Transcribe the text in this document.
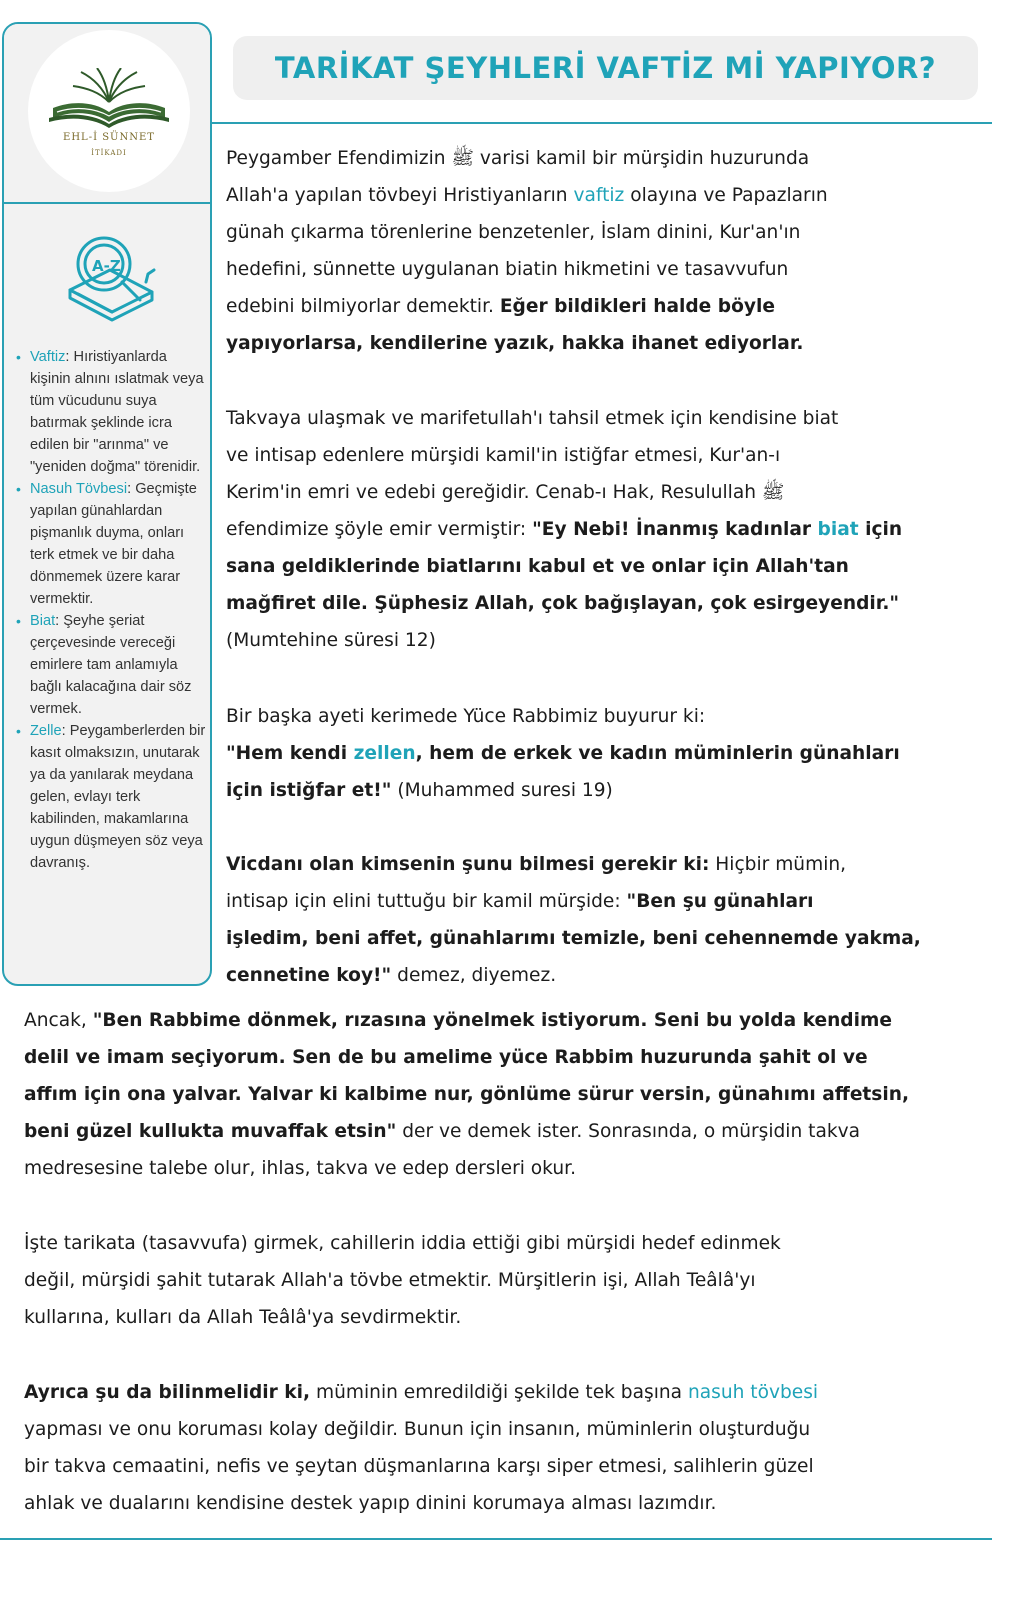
EHL-İ SÜNNET
İTİKADI
A-Z
• Vaftiz: Hıristiyanlarda kişinin alnını ıslatmak veya tüm vücudunu suya batırmak şeklinde icra edilen bir "arınma" ve "yeniden doğma" törenidir.
• Nasuh Tövbesi: Geçmişte yapılan günahlardan pişmanlık duyma, onları terk etmek ve bir daha dönmemek üzere karar vermektir.
• Biat: Şeyhe şeriat çerçevesinde vereceği emirlere tam anlamıyla bağlı kalacağına dair söz vermek.
• Zelle: Peygamberlerden bir kasıt olmaksızın, unutarak ya da yanılarak meydana gelen, evlayı terk kabilinden, makamlarına uygun düşmeyen söz veya davranış.
TARİKAT ŞEYHLERİ VAFTİZ Mİ YAPIYOR?
Peygamber Efendimizin ﷺ varisi kamil bir mürşidin huzurunda
Allah'a yapılan tövbeyi Hristiyanların vaftiz olayına ve Papazların
günah çıkarma törenlerine benzetenler, İslam dinini, Kur'an'ın
hedefini, sünnette uygulanan biatin hikmetini ve tasavvufun
edebini bilmiyorlar demektir. Eğer bildikleri halde böyle
yapıyorlarsa, kendilerine yazık, hakka ihanet ediyorlar.
Takvaya ulaşmak ve marifetullah'ı tahsil etmek için kendisine biat
ve intisap edenlere mürşidi kamil'in istiğfar etmesi, Kur'an-ı
Kerim'in emri ve edebi gereğidir. Cenab-ı Hak, Resulullah ﷺ
efendimize şöyle emir vermiştir: "Ey Nebi! İnanmış kadınlar biat için
sana geldiklerinde biatlarını kabul et ve onlar için Allah'tan
mağfiret dile. Şüphesiz Allah, çok bağışlayan, çok esirgeyendir."
(Mumtehine süresi 12)
Bir başka ayeti kerimede Yüce Rabbimiz buyurur ki:
"Hem kendi zellen, hem de erkek ve kadın müminlerin günahları
için istiğfar et!" (Muhammed suresi 19)
Vicdanı olan kimsenin şunu bilmesi gerekir ki: Hiçbir mümin,
intisap için elini tuttuğu bir kamil mürşide: "Ben şu günahları
işledim, beni affet, günahlarımı temizle, beni cehennemde yakma,
cennetine koy!" demez, diyemez.
Ancak, "Ben Rabbime dönmek, rızasına yönelmek istiyorum. Seni bu yolda kendime
delil ve imam seçiyorum. Sen de bu amelime yüce Rabbim huzurunda şahit ol ve
affım için ona yalvar. Yalvar ki kalbime nur, gönlüme sürur versin, günahımı affetsin,
beni güzel kullukta muvaffak etsin" der ve demek ister. Sonrasında, o mürşidin takva
medresesine talebe olur, ihlas, takva ve edep dersleri okur.
İşte tarikata (tasavvufa) girmek, cahillerin iddia ettiği gibi mürşidi hedef edinmek
değil, mürşidi şahit tutarak Allah'a tövbe etmektir. Mürşitlerin işi, Allah Teâlâ'yı
kullarına, kulları da Allah Teâlâ'ya sevdirmektir.
Ayrıca şu da bilinmelidir ki, müminin emredildiği şekilde tek başına nasuh tövbesi
yapması ve onu koruması kolay değildir. Bunun için insanın, müminlerin oluşturduğu
bir takva cemaatini, nefis ve şeytan düşmanlarına karşı siper etmesi, salihlerin güzel
ahlak ve dualarını kendisine destek yapıp dinini korumaya alması lazımdır.
